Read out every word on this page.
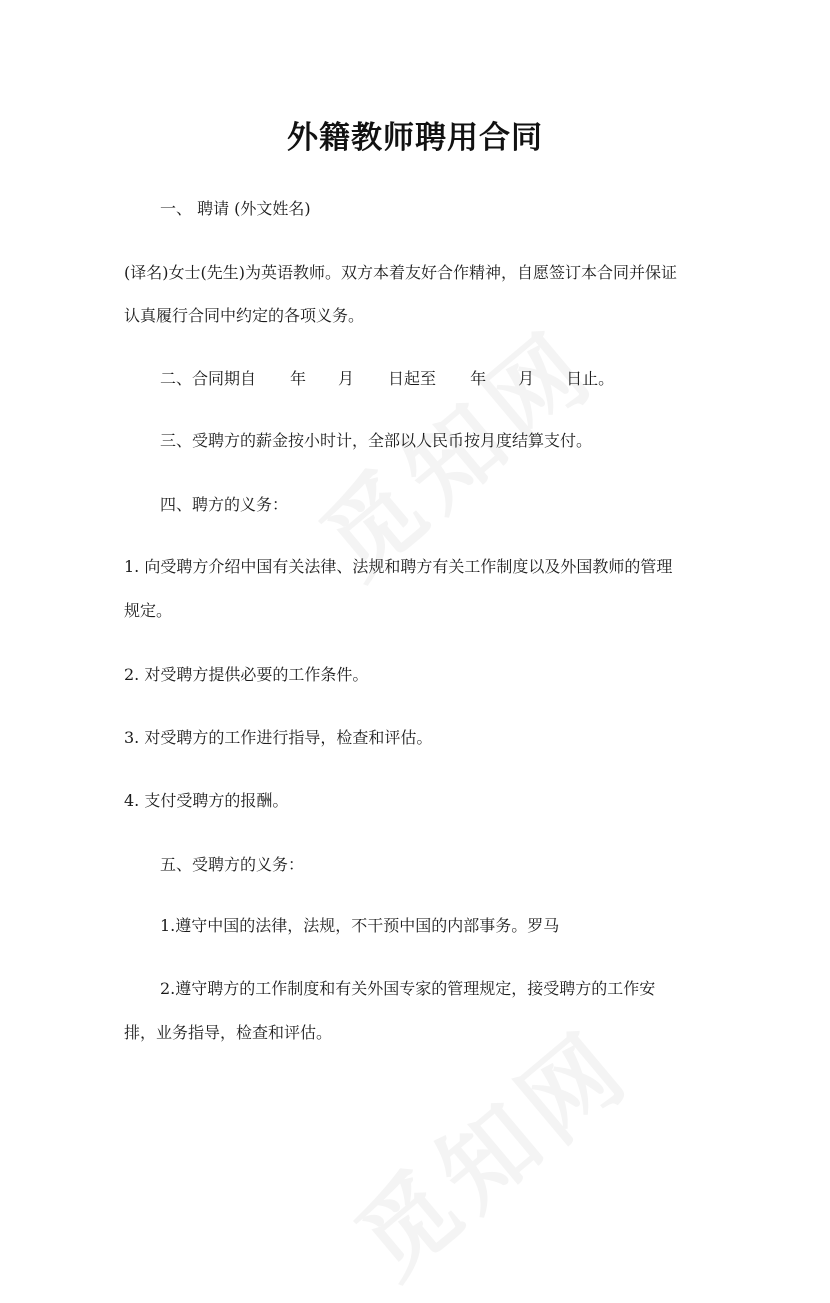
外籍教师聘用合同
一、 聘请 (外文姓名)
(译名)女士(先生)为英语教师。双方本着友好合作精神，自愿签订本合同并保证
认真履行合同中约定的各项义务。
二、合同期自 年 月 日起至 年 月 日止。
三、受聘方的薪金按小时计，全部以人民币按月度结算支付。
四、聘方的义务：
1. 向受聘方介绍中国有关法律、法规和聘方有关工作制度以及外国教师的管理
规定。
2. 对受聘方提供必要的工作条件。
3. 对受聘方的工作进行指导，检查和评估。
4. 支付受聘方的报酬。
五、受聘方的义务：
1.遵守中国的法律，法规，不干预中国的内部事务。罗马
2.遵守聘方的工作制度和有关外国专家的管理规定，接受聘方的工作安
排，业务指导，检查和评估。
